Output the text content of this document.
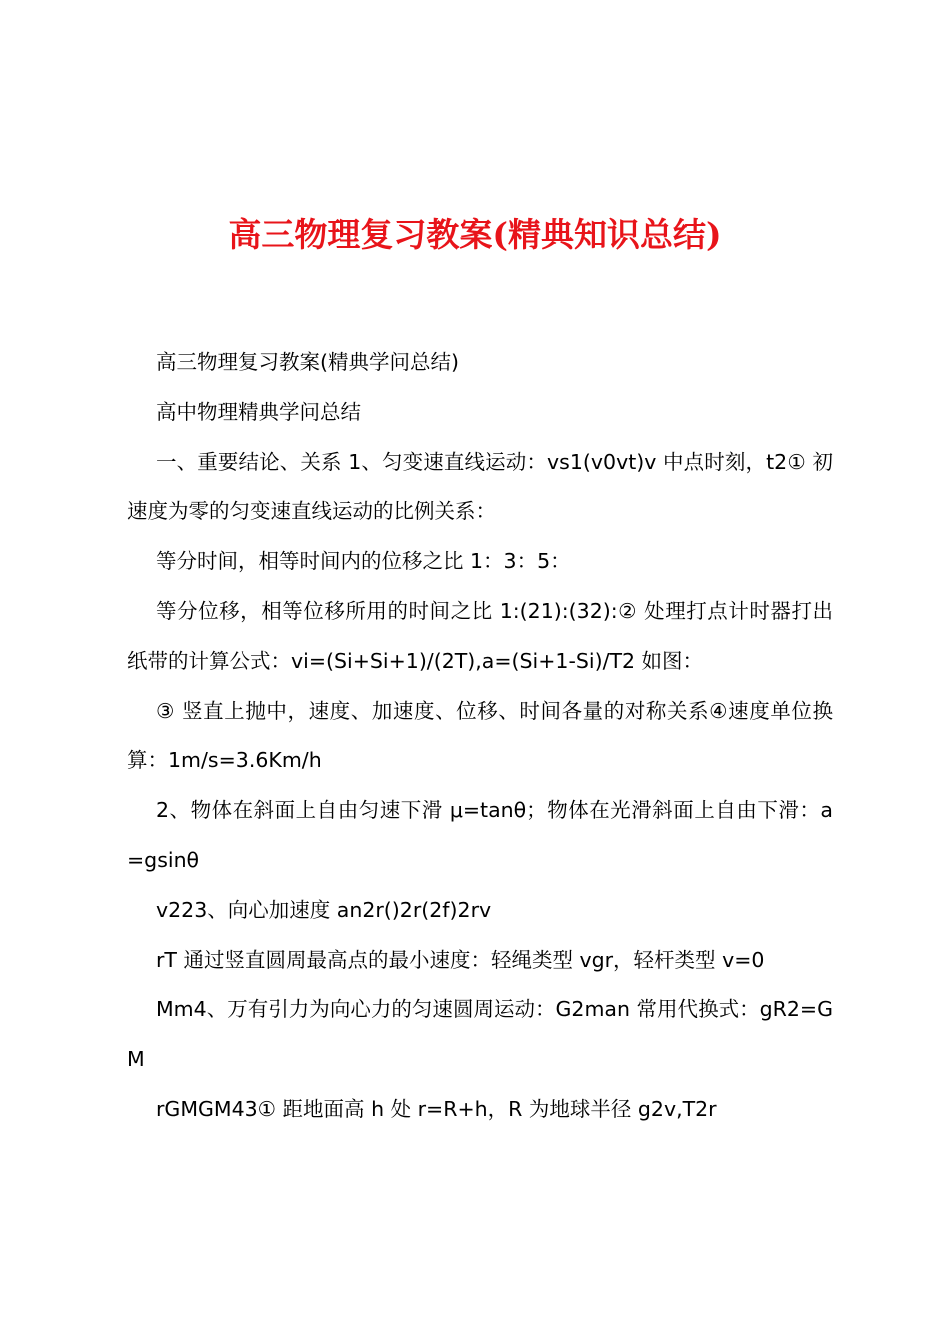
高三物理复习教案(精典知识总结)

高三物理复习教案(精典学问总结)

高中物理精典学问总结

一、重要结论、关系 1、匀变速直线运动：vs1(v0vt)v 中点时刻，t2① 初速度为零的匀变速直线运动的比例关系：

等分时间，相等时间内的位移之比 1：3：5：

等分位移，相等位移所用的时间之比 1:(21):(32):② 处理打点计时器打出纸带的计算公式：vi=(Si+Si+1)/(2T),a=(Si+1-Si)/T2 如图：

③ 竖直上抛中，速度、加速度、位移、时间各量的对称关系④速度单位换算：1m/s=3.6Km/h

2、物体在斜面上自由匀速下滑 μ=tanθ；物体在光滑斜面上自由下滑：a=gsinθ

v223、向心加速度 an2r()2r(2f)2rv

rT 通过竖直圆周最高点的最小速度：轻绳类型 vgr，轻杆类型 v=0

Mm4、万有引力为向心力的匀速圆周运动：G2man 常用代换式：gR2=GM

rGMGM43① 距地面高 h 处 r=R+h，R 为地球半径 g2v,T2r
